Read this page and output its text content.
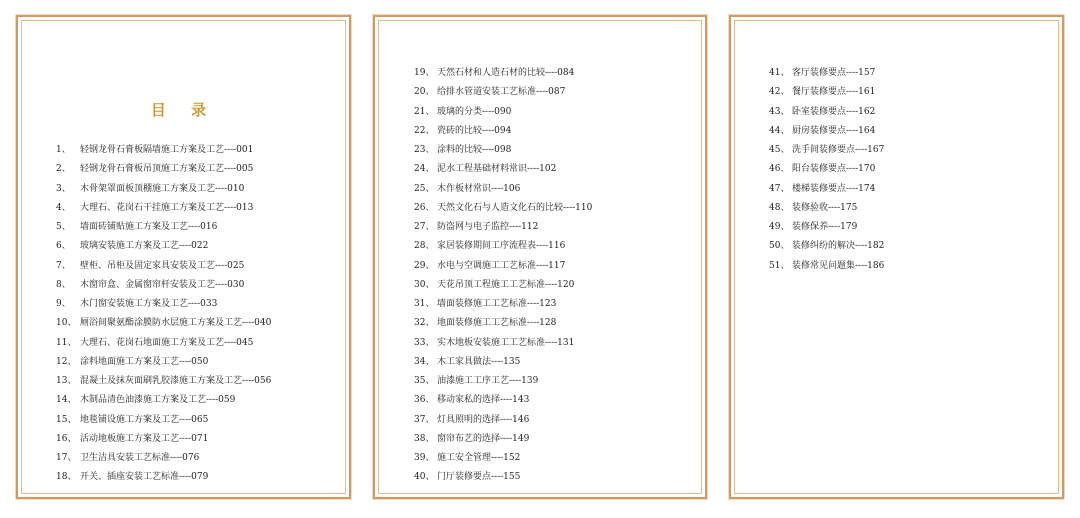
目 录
1、	轻钢龙骨石膏板隔墙施工方案及工艺----001
2、	轻钢龙骨石膏板吊顶施工方案及工艺----005
3、	木骨架罩面板顶棚施工方案及工艺----010
4、	大理石、花岗石干挂施工方案及工艺----013
5、	墙面砖铺贴施工方案及工艺----016
6、	玻璃安装施工方案及工艺----022
7、	壁柜、吊柜及固定家具安装及工艺----025
8、	木窗帘盒、金属窗帘杆安装及工艺----030
9、	木门窗安装施工方案及工艺----033
10、 厕浴间聚氨酯涂膜防水层施工方案及工艺----040
11、 大理石、花岗石地面施工方案及工艺----045
12、 涂料地面施工方案及工艺----050
13、 混凝土及抹灰面刷乳胶漆施工方案及工艺----056
14、 木制品清色油漆施工方案及工艺----059
15、 地毯铺设施工方案及工艺----065
16、 活动地板施工方案及工艺----071
17、 卫生洁具安装工艺标准----076
18、 开关、插座安装工艺标准----079
19、 天然石材和人造石材的比较----084
20、 给排水管道安装工艺标准----087
21、 玻璃的分类----090
22、 瓷砖的比较----094
23、 涂料的比较----098
24、 泥水工程基础材料常识----102
25、 木作板材常识----106
26、 天然文化石与人造文化石的比较----110
27、 防盗网与电子监控----112
28、 家居装修期间工序流程表----116
29、 水电与空调施工工艺标准----117
30、 天花吊顶工程施工工艺标准----120
31、 墙面装修施工工艺标准----123
32、 地面装修施工工艺标准----128
33、 实木地板安装施工工艺标准----131
34、 木工家具做法----135
35、 油漆施工工序工艺----139
36、 移动家私的选择----143
37、 灯具照明的选择----146
38、 窗帘布艺的选择----149
39、 施工安全管理----152
40、 门厅装修要点----155
41、 客厅装修要点----157
42、 餐厅装修要点----161
43、 卧室装修要点----162
44、 厨房装修要点----164
45、 洗手间装修要点----167
46、 阳台装修要点----170
47、 楼梯装修要点----174
48、 装修验收----175
49、 装修保养----179
50、 装修纠纷的解决----182
51、 装修常见问题集----186
